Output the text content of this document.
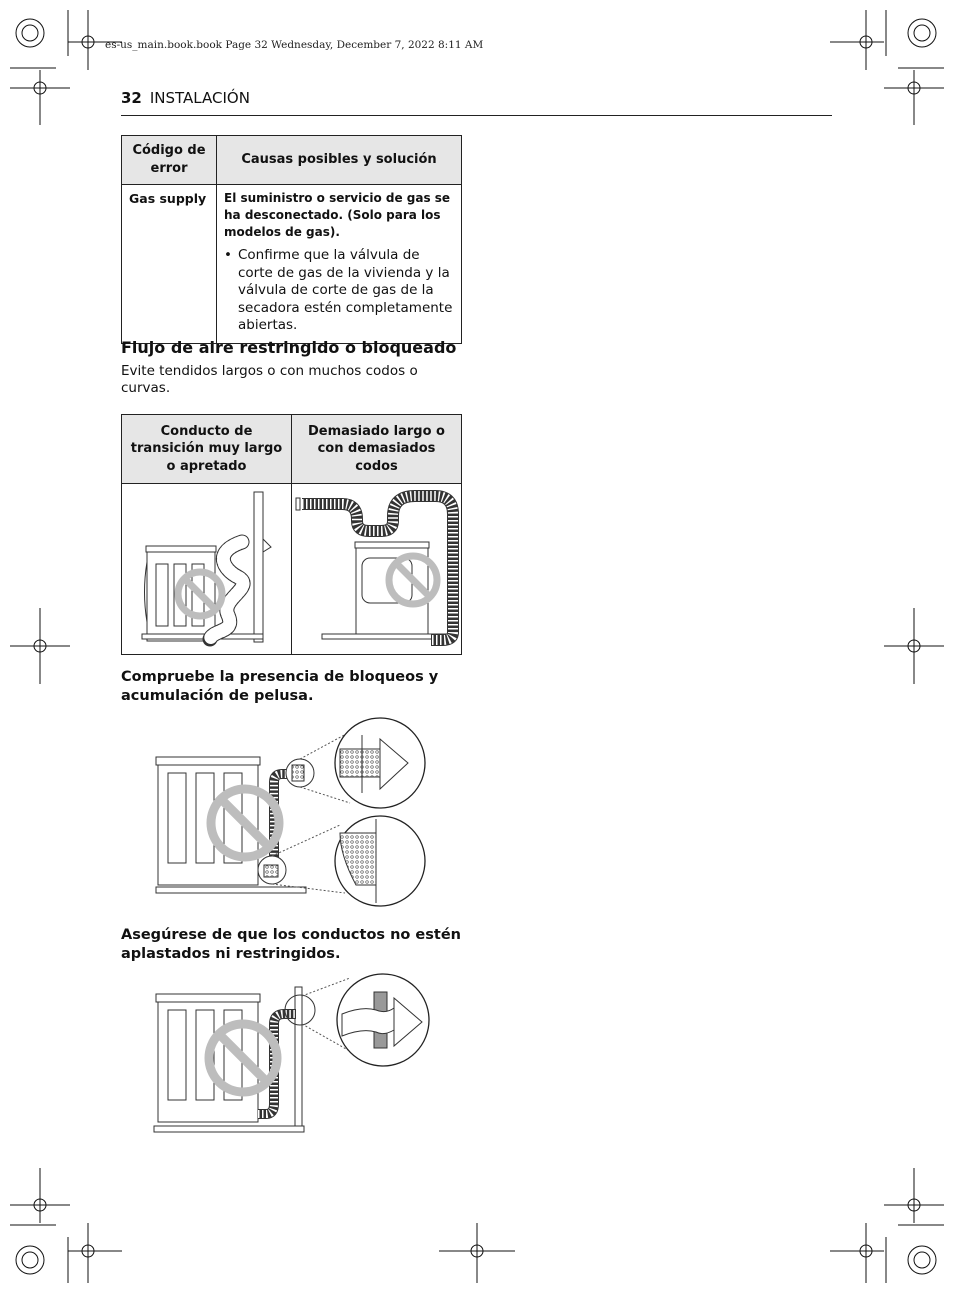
es-us_main.book.book Page 32 Wednesday, December 7, 2022 8:11 AM
32 INSTALACIÓN
Código de error	Causas posibles y solución
Gas supply	El suministro o servicio de gas se ha desconectado. (Solo para los modelos de gas).
• Confirme que la válvula de corte de gas de la vivienda y la válvula de corte de gas de la secadora estén completamente abiertas.
Flujo de aire restringido o bloqueado
Evite tendidos largos o con muchos codos o curvas.
Conducto de transición muy largo o apretado	Demasiado largo o con demasiados codos

Compruebe la presencia de bloqueos y acumulación de pelusa.
Asegúrese de que los conductos no estén aplastados ni restringidos.
